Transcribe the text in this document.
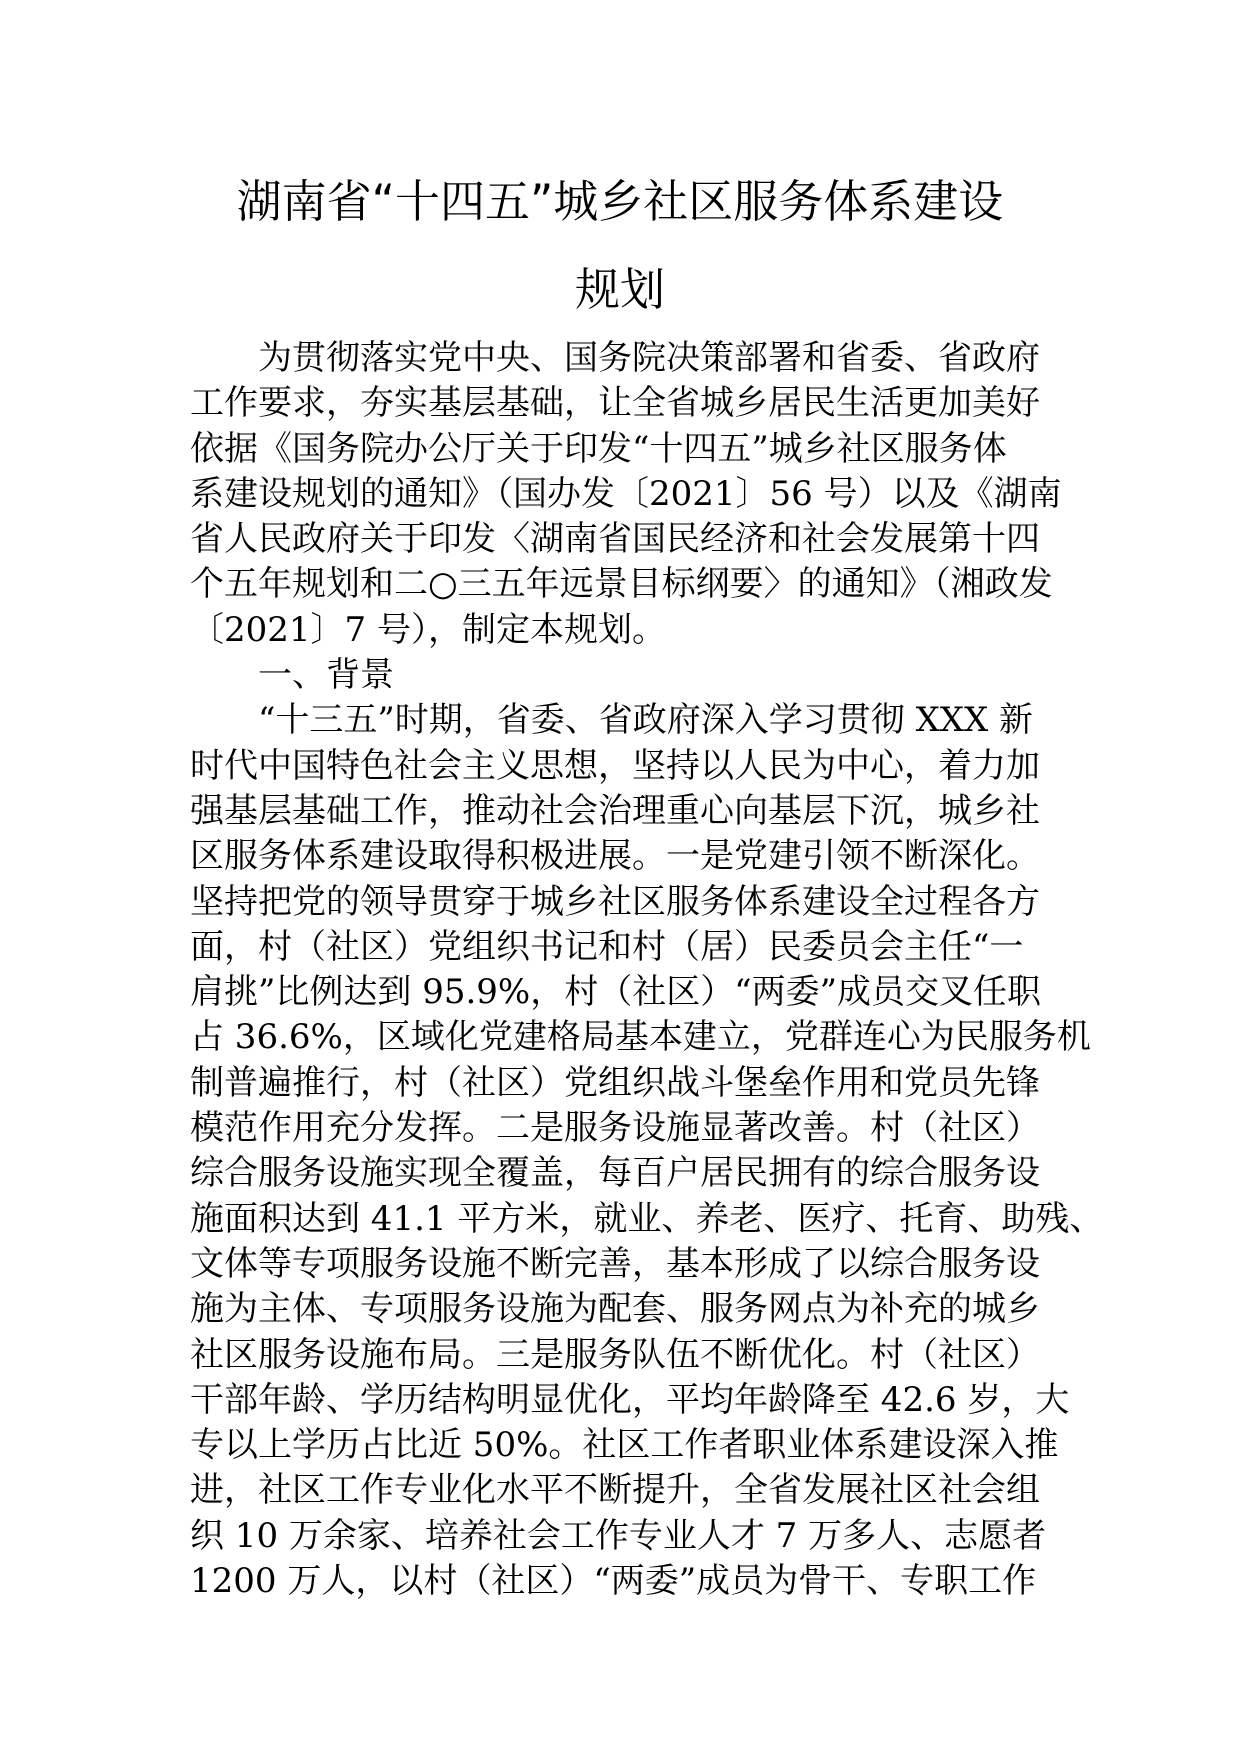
湖南省“十四五”城乡社区服务体系建设
规划
为贯彻落实党中央、国务院决策部署和省委、省政府
工作要求，夯实基层基础，让全省城乡居民生活更加美好
依据《国务院办公厅关于印发“十四五”城乡社区服务体
系建设规划的通知》（国办发〔2021〕56 号）以及《湖南
省人民政府关于印发〈湖南省国民经济和社会发展第十四
个五年规划和二○三五年远景目标纲要〉的通知》（湘政发
〔2021〕7 号），制定本规划。
一、背景
“十三五”时期，省委、省政府深入学习贯彻 XXX 新
时代中国特色社会主义思想，坚持以人民为中心，着力加
强基层基础工作，推动社会治理重心向基层下沉，城乡社
区服务体系建设取得积极进展。一是党建引领不断深化。
坚持把党的领导贯穿于城乡社区服务体系建设全过程各方
面，村（社区）党组织书记和村（居）民委员会主任“一
肩挑”比例达到 95.9%，村（社区）“两委”成员交叉任职
占 36.6%，区域化党建格局基本建立，党群连心为民服务机
制普遍推行，村（社区）党组织战斗堡垒作用和党员先锋
模范作用充分发挥。二是服务设施显著改善。村（社区）
综合服务设施实现全覆盖，每百户居民拥有的综合服务设
施面积达到 41.1 平方米，就业、养老、医疗、托育、助残、
文体等专项服务设施不断完善，基本形成了以综合服务设
施为主体、专项服务设施为配套、服务网点为补充的城乡
社区服务设施布局。三是服务队伍不断优化。村（社区）
干部年龄、学历结构明显优化，平均年龄降至 42.6 岁，大
专以上学历占比近 50%。社区工作者职业体系建设深入推
进，社区工作专业化水平不断提升，全省发展社区社会组
织 10 万余家、培养社会工作专业人才 7 万多人、志愿者
1200 万人，以村（社区）“两委”成员为骨干、专职工作
